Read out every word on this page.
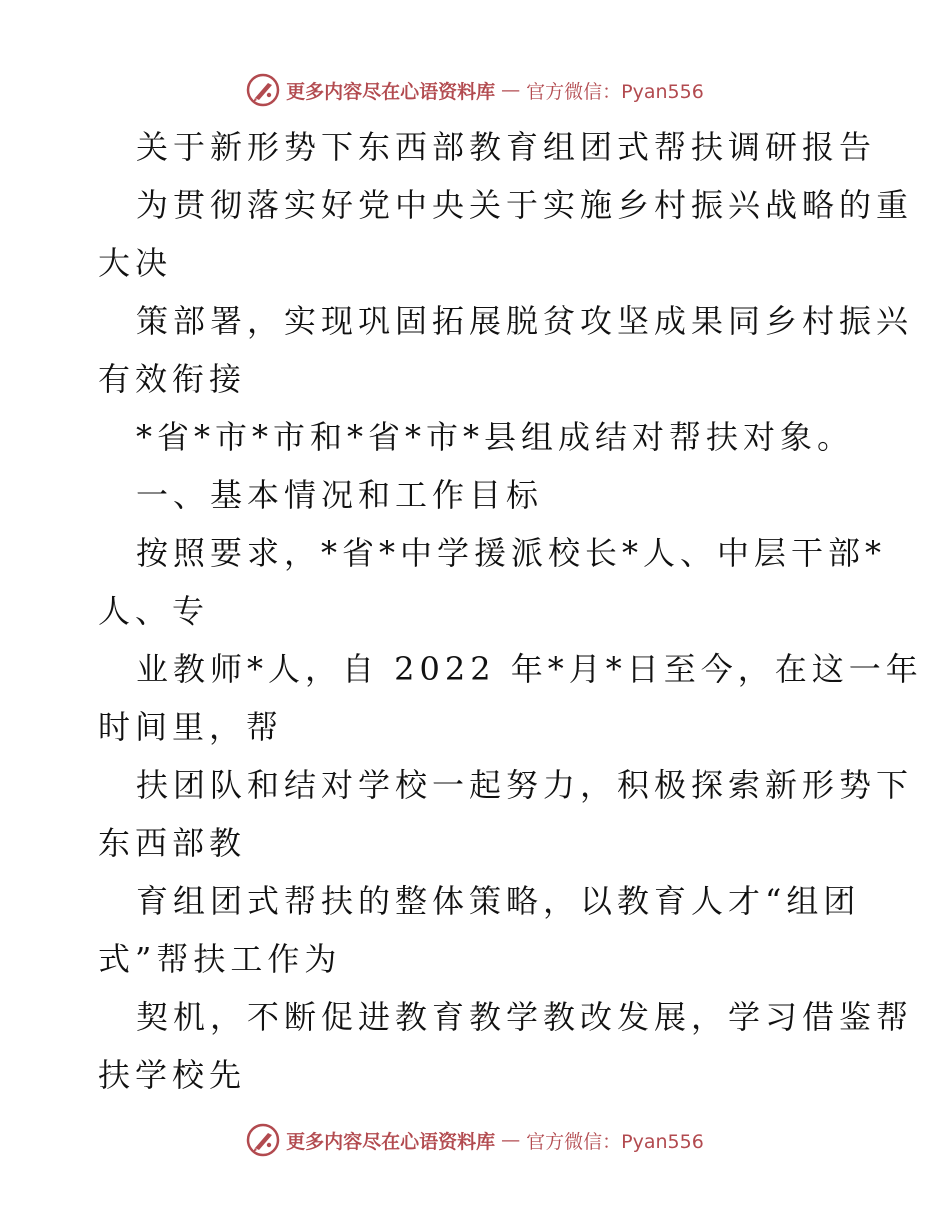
更多内容尽在心语资料库 — 官方微信：Pyan556
关于新形势下东西部教育组团式帮扶调研报告
为贯彻落实好党中央关于实施乡村振兴战略的重
大决
策部署，实现巩固拓展脱贫攻坚成果同乡村振兴
有效衔接
*省*市*市和*省*市*县组成结对帮扶对象。
一、基本情况和工作目标
按照要求，*省*中学援派校长*人、中层干部*
人、专
业教师*人，自 2022 年*月*日至今，在这一年
时间里，帮
扶团队和结对学校一起努力，积极探索新形势下
东西部教
育组团式帮扶的整体策略，以教育人才“组团
式”帮扶工作为
契机，不断促进教育教学教改发展，学习借鉴帮
扶学校先
更多内容尽在心语资料库 — 官方微信：Pyan556
